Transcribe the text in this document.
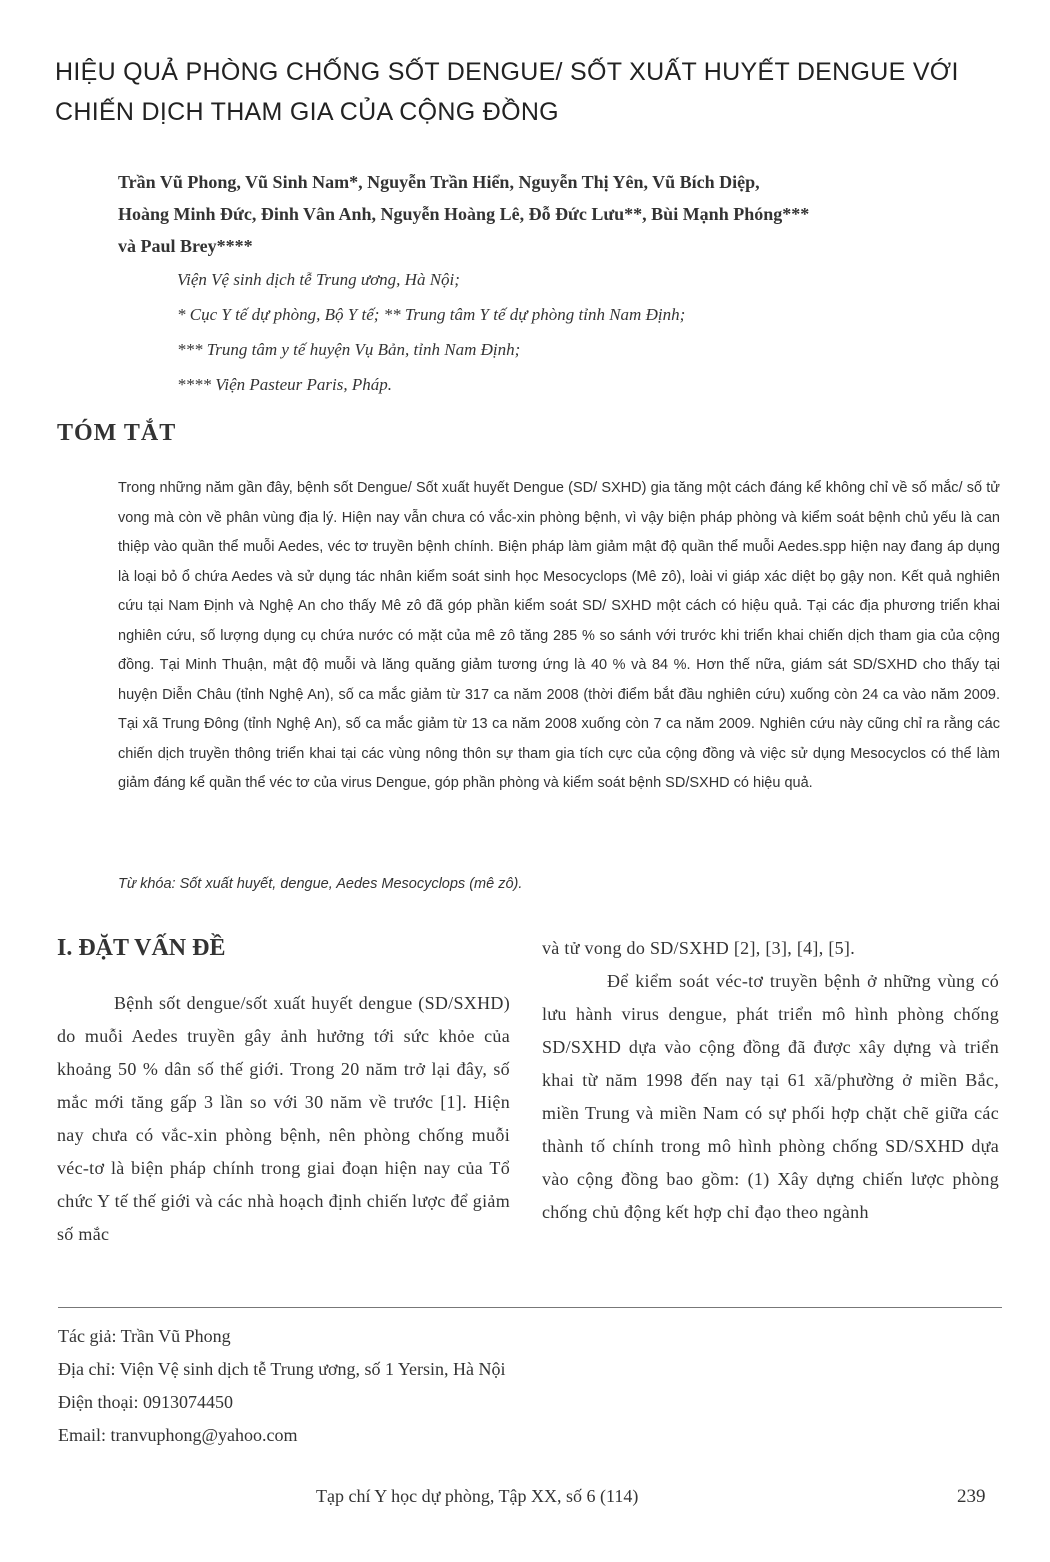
HIỆU QUẢ PHÒNG CHỐNG SỐT DENGUE/ SỐT XUẤT HUYẾT DENGUE VỚI
CHIẾN DỊCH THAM GIA CỦA CỘNG ĐỒNG
Trần Vũ Phong, Vũ Sinh Nam*, Nguyễn Trần Hiển, Nguyễn Thị Yên, Vũ Bích Diệp,
Hoàng Minh Đức, Đinh Vân Anh, Nguyễn Hoàng Lê, Đỗ Đức Lưu**, Bùi Mạnh Phóng***
và Paul Brey****
Viện Vệ sinh dịch tễ Trung ương, Hà Nội;
* Cục Y tế dự phòng, Bộ Y tế; ** Trung tâm Y tế dự phòng tỉnh Nam Định;
*** Trung tâm y tế huyện Vụ Bản, tỉnh Nam Định;
**** Viện Pasteur Paris, Pháp.
TÓM TẮT

Trong những năm gần đây, bệnh sốt Dengue/ Sốt xuất huyết Dengue (SD/ SXHD) gia tăng một cách đáng kể không chỉ về số mắc/ số tử vong mà còn về phân vùng địa lý. Hiện nay vẫn chưa có vắc-xin phòng bệnh, vì vậy biện pháp phòng và kiểm soát bệnh chủ yếu là can thiệp vào quần thể muỗi Aedes, véc tơ truyền bệnh chính. Biện pháp làm giảm mật độ quần thể muỗi Aedes.spp hiện nay đang áp dụng là loại bỏ ổ chứa Aedes và sử dụng tác nhân kiểm soát sinh học Mesocyclops (Mê zô), loài vi giáp xác diệt bọ gậy non. Kết quả nghiên cứu tại Nam Định và Nghệ An cho thấy Mê zô đã góp phần kiểm soát SD/ SXHD một cách có hiệu quả. Tại các địa phương triển khai nghiên cứu, số lượng dụng cụ chứa nước có mặt của mê zô tăng 285 % so sánh với trước khi triển khai chiến dịch tham gia của cộng đồng. Tại Minh Thuận, mật độ muỗi và lăng quăng giảm tương ứng là 40 % và 84 %. Hơn thế nữa, giám sát SD/SXHD cho thấy tại huyện Diễn Châu (tỉnh Nghệ An), số ca mắc giảm từ 317 ca năm 2008 (thời điểm bắt đầu nghiên cứu) xuống còn 24 ca vào năm 2009. Tại xã Trung Đông (tỉnh Nghệ An), số ca mắc giảm từ 13 ca năm 2008 xuống còn 7 ca năm 2009. Nghiên cứu này cũng chỉ ra rằng các chiến dịch truyền thông triển khai tại các vùng nông thôn sự tham gia tích cực của cộng đồng và việc sử dụng Mesocyclos có thể làm giảm đáng kể quần thể véc tơ của virus Dengue, góp phần phòng và kiểm soát bệnh SD/SXHD có hiệu quả.

Từ khóa: Sốt xuất huyết, dengue, Aedes Mesocyclops (mê zô).

I. ĐẶT VẤN ĐỀ

Bệnh sốt dengue/sốt xuất huyết dengue (SD/SXHD) do muỗi Aedes truyền gây ảnh hưởng tới sức khỏe của khoảng 50 % dân số thế giới. Trong 20 năm trở lại đây, số mắc mới tăng gấp 3 lần so với 30 năm về trước [1]. Hiện nay chưa có vắc-xin phòng bệnh, nên phòng chống muỗi véc-tơ là biện pháp chính trong giai đoạn hiện nay của Tổ chức Y tế thế giới và các nhà hoạch định chiến lược để giảm số mắc

và tử vong do SD/SXHD [2], [3], [4], [5].

Để kiểm soát véc-tơ truyền bệnh ở những vùng có lưu hành virus dengue, phát triển mô hình phòng chống SD/SXHD dựa vào cộng đồng đã được xây dựng và triển khai từ năm 1998 đến nay tại 61 xã/phường ở miền Bắc, miền Trung và miền Nam có sự phối hợp chặt chẽ giữa các thành tố chính trong mô hình phòng chống SD/SXHD dựa vào cộng đồng bao gồm: (1) Xây dựng chiến lược phòng chống chủ động kết hợp chỉ đạo theo ngành

Tác giả: Trần Vũ Phong
Địa chỉ: Viện Vệ sinh dịch tễ Trung ương, số 1 Yersin, Hà Nội
Điện thoại: 0913074450
Email: tranvuphong@yahoo.com
Tạp chí Y học dự phòng, Tập XX, số 6 (114)	239
